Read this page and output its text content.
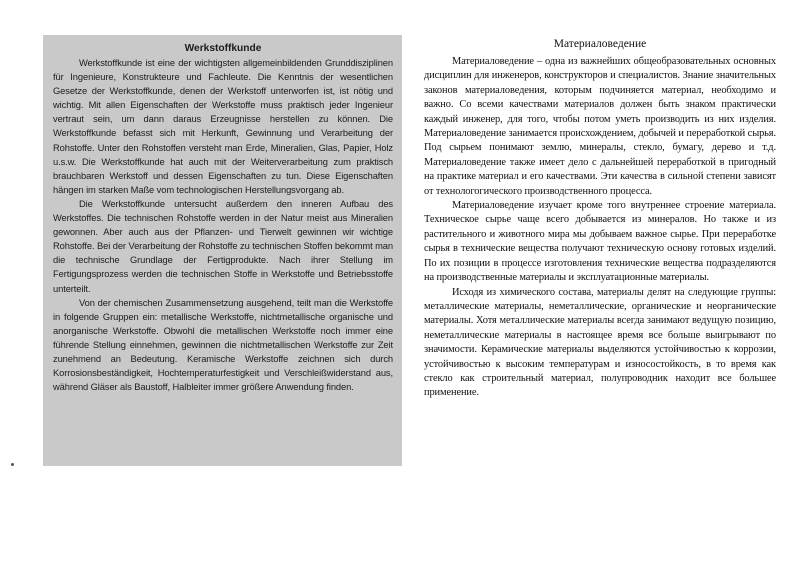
Werkstoffkunde

Werkstoffkunde ist eine der wichtigsten allgemeinbildenden Grunddisziplinen für Ingenieure, Konstrukteure und Fachleute. Die Kenntnis der wesentlichen Gesetze der Werkstoffkunde, denen der Werkstoff unterworfen ist, ist nötig und wichtig. Mit allen Eigenschaften der Werkstoffe muss praktisch jeder Ingenieur vertraut sein, um dann daraus Erzeugnisse herstellen zu können. Die Werkstoffkunde befasst sich mit Herkunft, Gewinnung und Verarbeitung der Rohstoffe. Unter den Rohstoffen versteht man Erde, Mineralien, Glas, Papier, Holz u.s.w. Die Werkstoffkunde hat auch mit der Weiterverarbeitung zum praktisch brauchbaren Werkstoff und dessen Eigenschaften zu tun. Diese Eigenschaften hängen im starken Maße vom technologischen Herstellungsvorgang ab.

Die Werkstoffkunde untersucht außerdem den inneren Aufbau des Werkstoffes. Die technischen Rohstoffe werden in der Natur meist aus Mineralien gewonnen. Aber auch aus der Pflanzen- und Tierwelt gewinnen wir wichtige Rohstoffe. Bei der Verarbeitung der Rohstoffe zu technischen Stoffen bekommt man die technische Grundlage der Fertigprodukte. Nach ihrer Stellung im Fertigungsprozess werden die technischen Stoffe in Werkstoffe und Betriebsstoffe unterteilt.

Von der chemischen Zusammensetzung ausgehend, teilt man die Werkstoffe in folgende Gruppen ein: metallische Werkstoffe, nichtmetallische organische und anorganische Werkstoffe. Obwohl die metallischen Werkstoffe noch immer eine führende Stellung einnehmen, gewinnen die nichtmetallischen Werkstoffe zur Zeit zunehmend an Bedeutung. Keramische Werkstoffe zeichnen sich durch Korrosionsbeständigkeit, Hochtemperaturfestigkeit und Verschleißwiderstand aus, während Gläser als Baustoff, Halbleiter immer größere Anwendung finden.

Материаловедение

Материаловедение – одна из важнейших общеобразовательных основных дисциплин для инженеров, конструкторов и специалистов. Знание значительных законов материаловедения, которым подчиняется материал, необходимо и важно. Со всеми качествами материалов должен быть знаком практически каждый инженер, для того, чтобы потом уметь производить из них изделия. Материаловедение занимается происхождением, добычей и переработкой сырья. Под сырьем понимают землю, минералы, стекло, бумагу, дерево и т.д. Материаловедение также имеет дело с дальнейшей переработкой в пригодный на практике материал и его качествами. Эти качества в сильной степени зависят от технологогического производственного процесса.

Материаловедение изучает кроме того внутреннее строение материала. Техническое сырье чаще всего добывается из минералов. Но также и из растительного и животного мира мы добываем важное сырье. При переработке сырья в технические вещества получают техническую основу готовых изделий. По их позиции в процессе изготовления технические вещества подразделяются на производственные материалы и эксплуатационные материалы.

Исходя из химического состава, материалы делят на следующие группы: металлические материалы, неметаллические, органические и неорганические материалы. Хотя металлические материалы всегда занимают ведущую позицию, неметаллические материалы в настоящее время все больше выигрывают по значимости. Керамические материалы выделяются устойчивостью к коррозии, устойчивостью к высоким температурам и износостойкость, в то время как стекло как строительный материал, полупроводник находит все большее применение.
